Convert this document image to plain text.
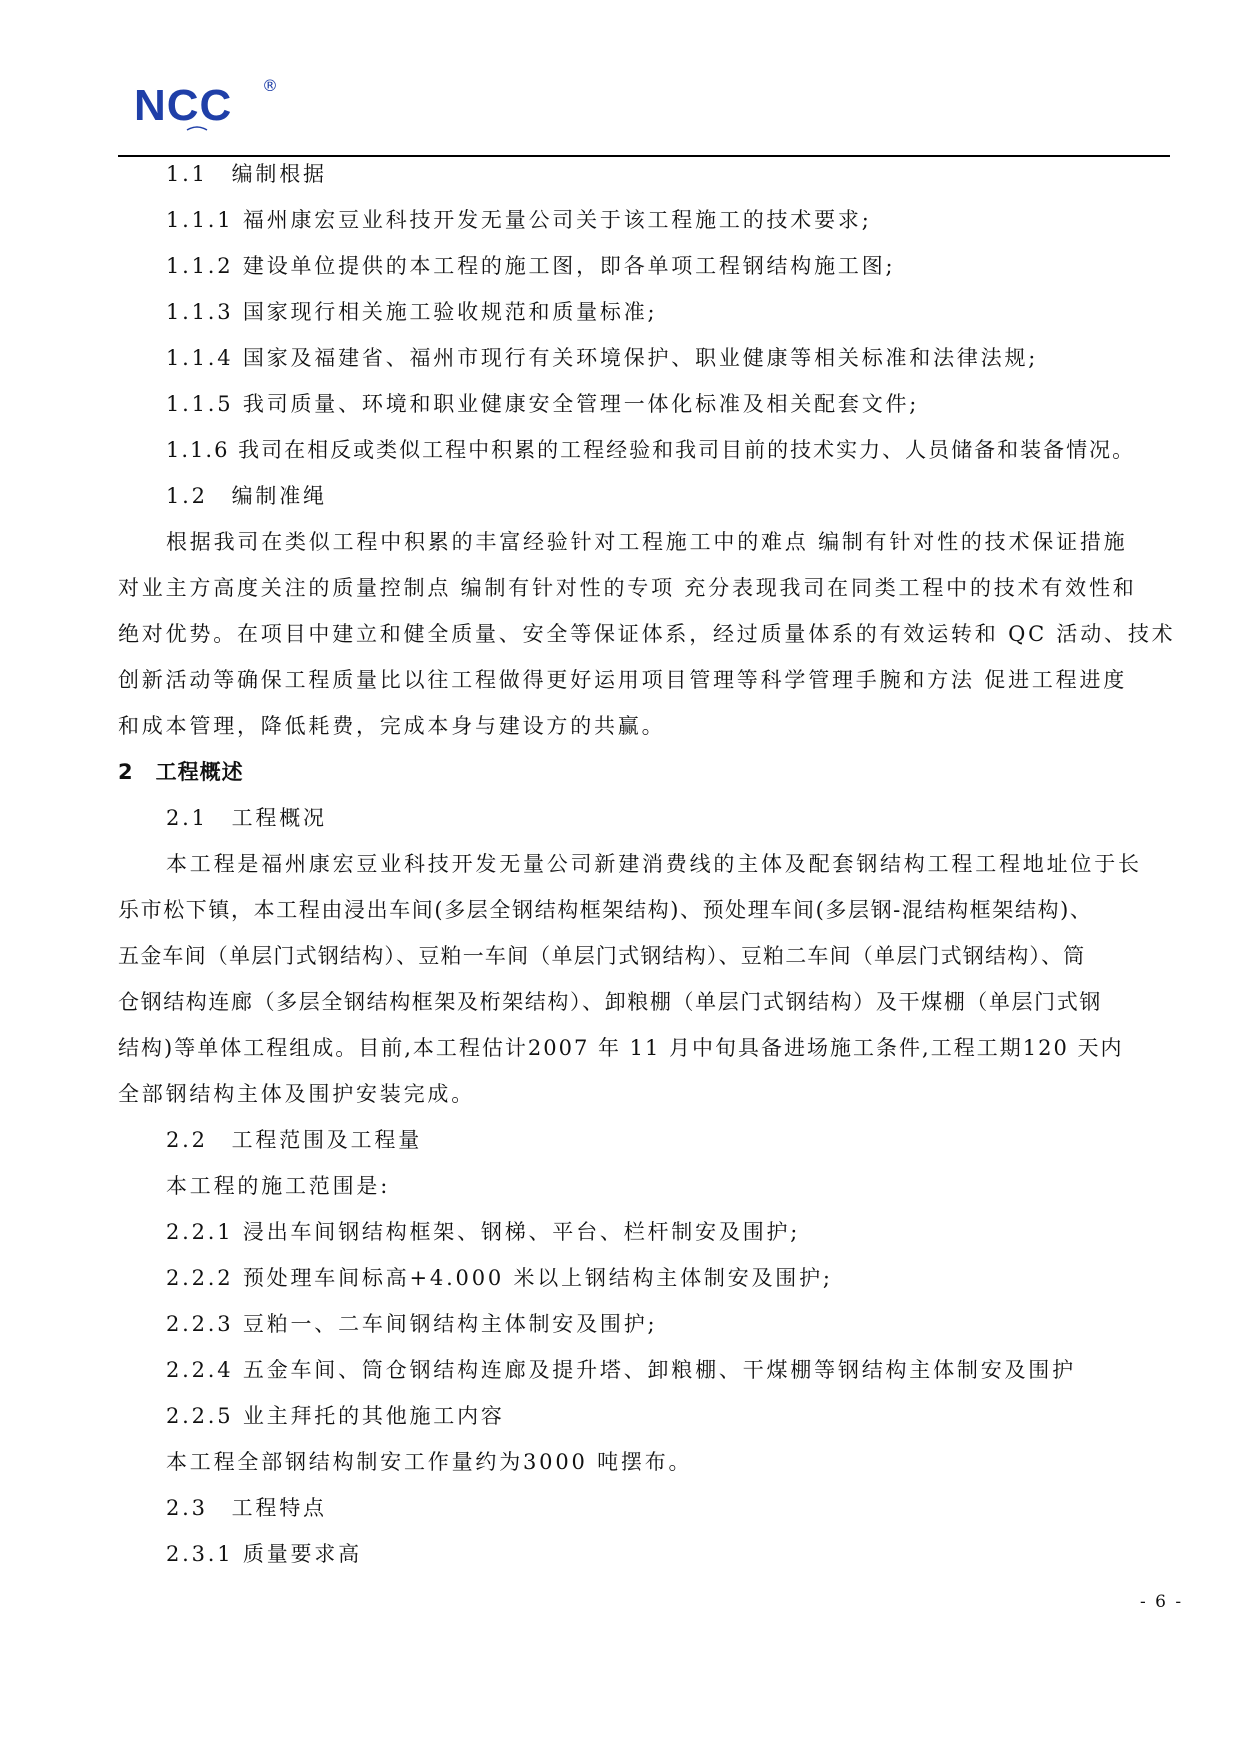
NCC ®
1.1　编制根据
1.1.1 福州康宏豆业科技开发无量公司关于该工程施工的技术要求;
1.1.2 建设单位提供的本工程的施工图，即各单项工程钢结构施工图;
1.1.3 国家现行相关施工验收规范和质量标准;
1.1.4 国家及福建省、福州市现行有关环境保护、职业健康等相关标准和法律法规;
1.1.5 我司质量、环境和职业健康安全管理一体化标准及相关配套文件;
1.1.6 我司在相反或类似工程中积累的工程经验和我司目前的技术实力、人员储备和装备情况。
1.2　编制准绳
根据我司在类似工程中积累的丰富经验针对工程施工中的难点 编制有针对性的技术保证措施
对业主方高度关注的质量控制点 编制有针对性的专项 充分表现我司在同类工程中的技术有效性和
绝对优势。在项目中建立和健全质量、安全等保证体系，经过质量体系的有效运转和 QC 活动、技术
创新活动等确保工程质量比以往工程做得更好运用项目管理等科学管理手腕和方法 促进工程进度
和成本管理，降低耗费，完成本身与建设方的共赢。
2　工程概述
2.1　工程概况
本工程是福州康宏豆业科技开发无量公司新建消费线的主体及配套钢结构工程工程地址位于长
乐市松下镇，本工程由浸出车间(多层全钢结构框架结构)、预处理车间(多层钢-混结构框架结构)、
五金车间（单层门式钢结构）、豆粕一车间（单层门式钢结构）、豆粕二车间（单层门式钢结构）、筒
仓钢结构连廊（多层全钢结构框架及桁架结构）、卸粮棚（单层门式钢结构）及干煤棚（单层门式钢
结构)等单体工程组成。目前,本工程估计2007 年 11 月中旬具备进场施工条件,工程工期120 天内
全部钢结构主体及围护安装完成。
2.2　工程范围及工程量
本工程的施工范围是:
2.2.1 浸出车间钢结构框架、钢梯、平台、栏杆制安及围护;
2.2.2 预处理车间标高+4.000 米以上钢结构主体制安及围护;
2.2.3 豆粕一、二车间钢结构主体制安及围护;
2.2.4 五金车间、筒仓钢结构连廊及提升塔、卸粮棚、干煤棚等钢结构主体制安及围护
2.2.5 业主拜托的其他施工内容
本工程全部钢结构制安工作量约为3000 吨摆布。
2.3　工程特点
2.3.1 质量要求高
- 6 -
